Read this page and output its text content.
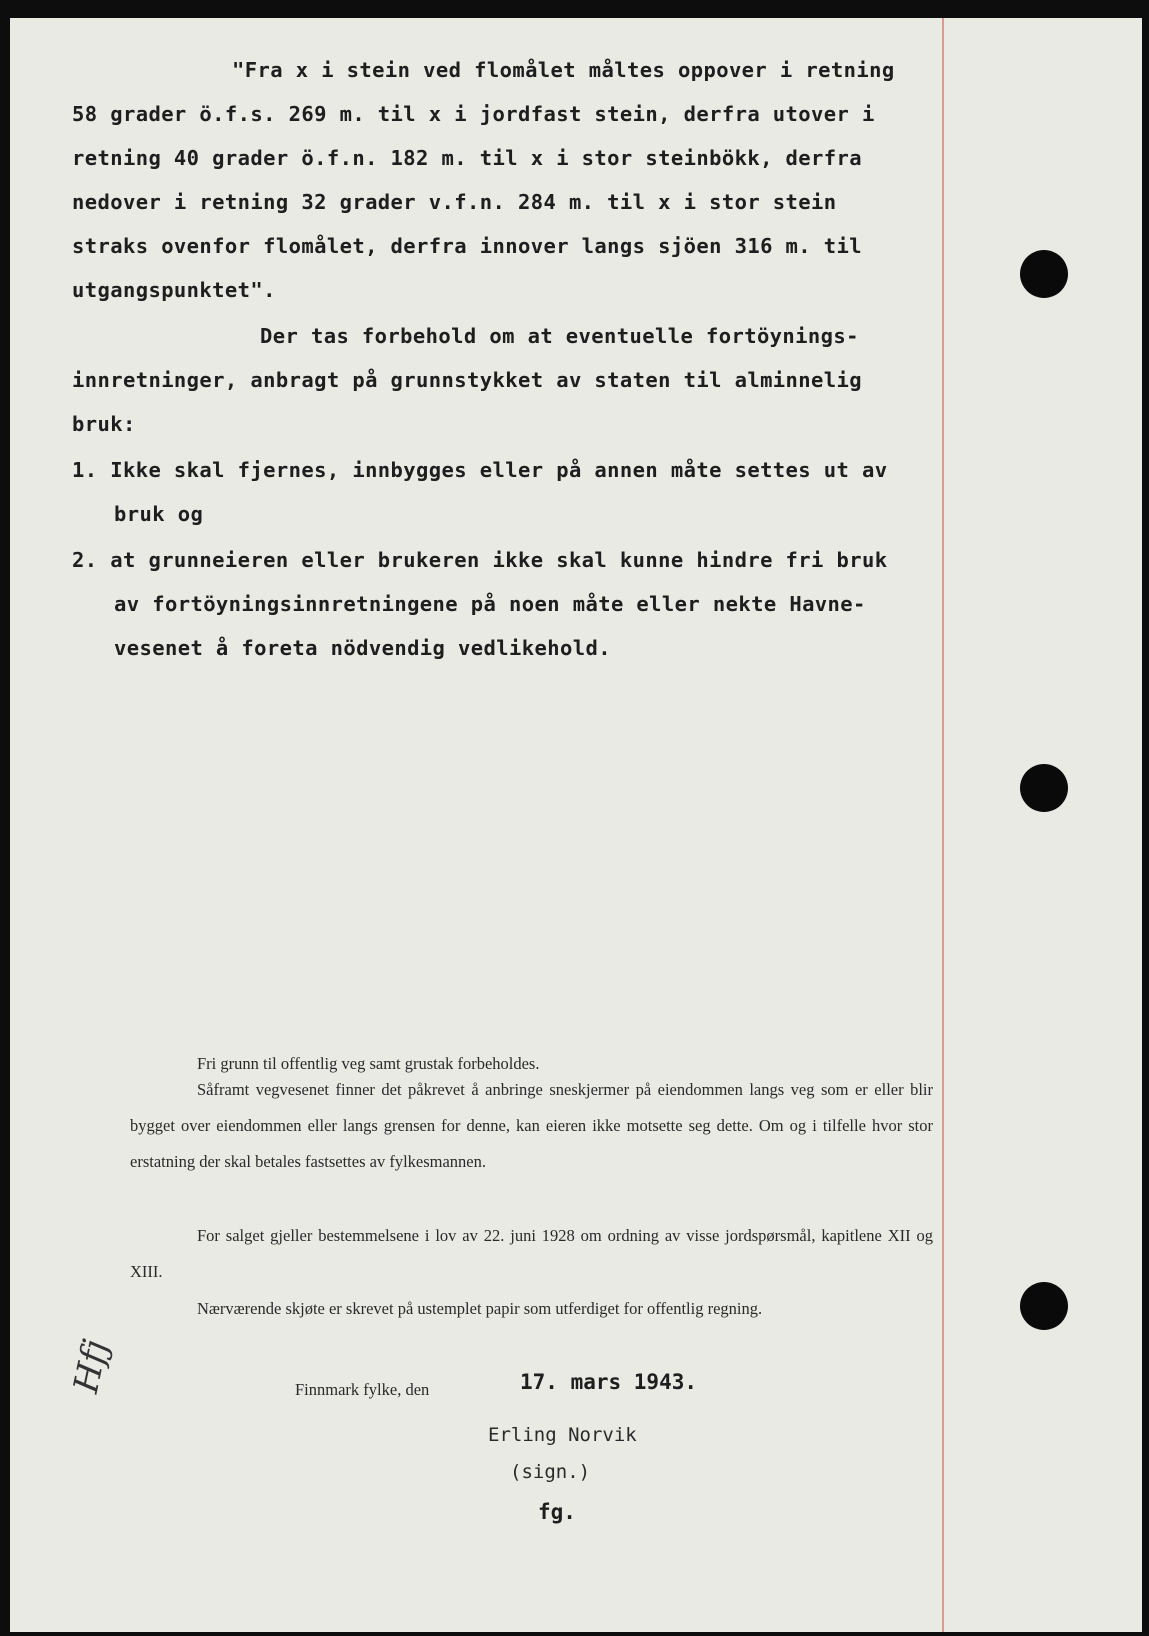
"Fra x i stein ved flomålet måltes oppover i retning
58 grader ö.f.s. 269 m. til x i jordfast stein, derfra utover i
retning 40 grader ö.f.n. 182 m. til x i stor steinbökk, derfra
nedover i retning 32 grader v.f.n. 284 m. til x i stor stein
straks ovenfor flomålet, derfra innover langs sjöen 316 m. til
utgangspunktet".
Der tas forbehold om at eventuelle fortöynings-
innretninger, anbragt på grunnstykket av staten til alminnelig
bruk:
1. Ikke skal fjernes, innbygges eller på annen måte settes ut av
bruk og
2. at grunneieren eller brukeren ikke skal kunne hindre fri bruk
av fortöyningsinnretningene på noen måte eller nekte Havne-
vesenet å foreta nödvendig vedlikehold.
Fri grunn til offentlig veg samt grustak forbeholdes.
Såframt vegvesenet finner det påkrevet å anbringe sneskjermer på eiendommen langs veg som er eller blir bygget over eiendommen eller langs grensen for denne, kan eieren ikke motsette seg dette. Om og i tilfelle hvor stor erstatning der skal betales fastsettes av fylkesmannen.
For salget gjeller bestemmelsene i lov av 22. juni 1928 om ordning av visse jordspørsmål, kapitlene XII og XIII.
Nærværende skjøte er skrevet på ustemplet papir som utferdiget for offentlig regning.
Finnmark fylke, den	17. mars 1943.
Erling Norvik
(sign.)
fg.
Hfj
